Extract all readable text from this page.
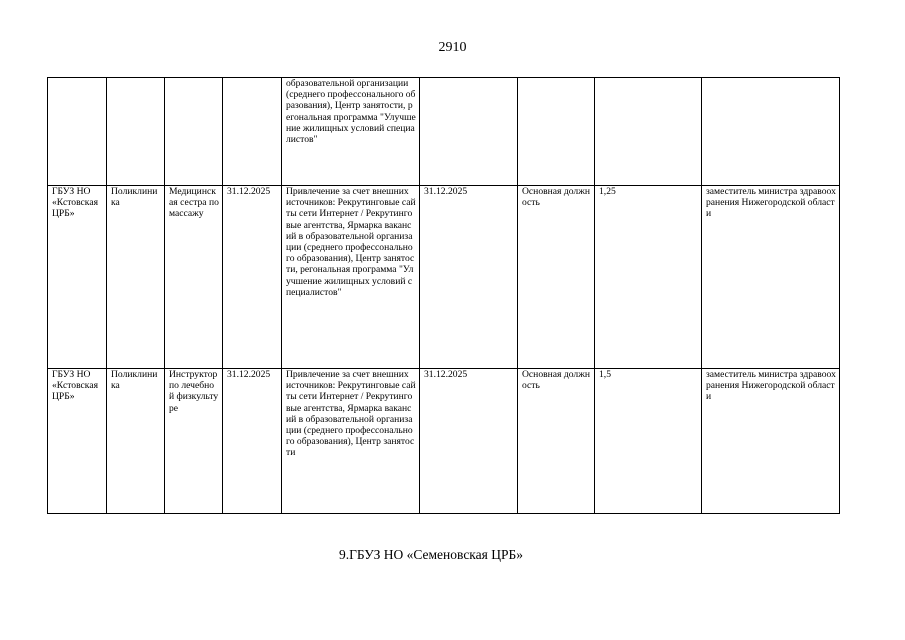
2910
				образовательной организации (среднего профессонального образования), Центр занятости, регональная программа "Улучшение жилищных условий специалистов"				
ГБУЗ НО «Кстовская ЦРБ»	Поликлиника	Медицинская сестра по массажу	31.12.2025	Привлечение за счет внешних источников: Рекрутинговые сайты сети Интернет / Рекрутинговые агентства, Ярмарка вакансий в образовательной организации (среднего профессонального образования), Центр занятости, регональная программа "Улучшение жилищных условий специалистов"	31.12.2025	Основная должность	1,25	заместитель министра здравоохранения Нижегородской области
ГБУЗ НО «Кстовская ЦРБ»	Поликлиника	Инструктор по лечебной физкультуре	31.12.2025	Привлечение за счет внешних источников: Рекрутинговые сайты сети Интернет / Рекрутинговые агентства, Ярмарка вакансий в образовательной организации (среднего профессонального образования), Центр занятости	31.12.2025	Основная должность	1,5	заместитель министра здравоохранения Нижегородской области
9.ГБУЗ НО «Семеновская ЦРБ»
